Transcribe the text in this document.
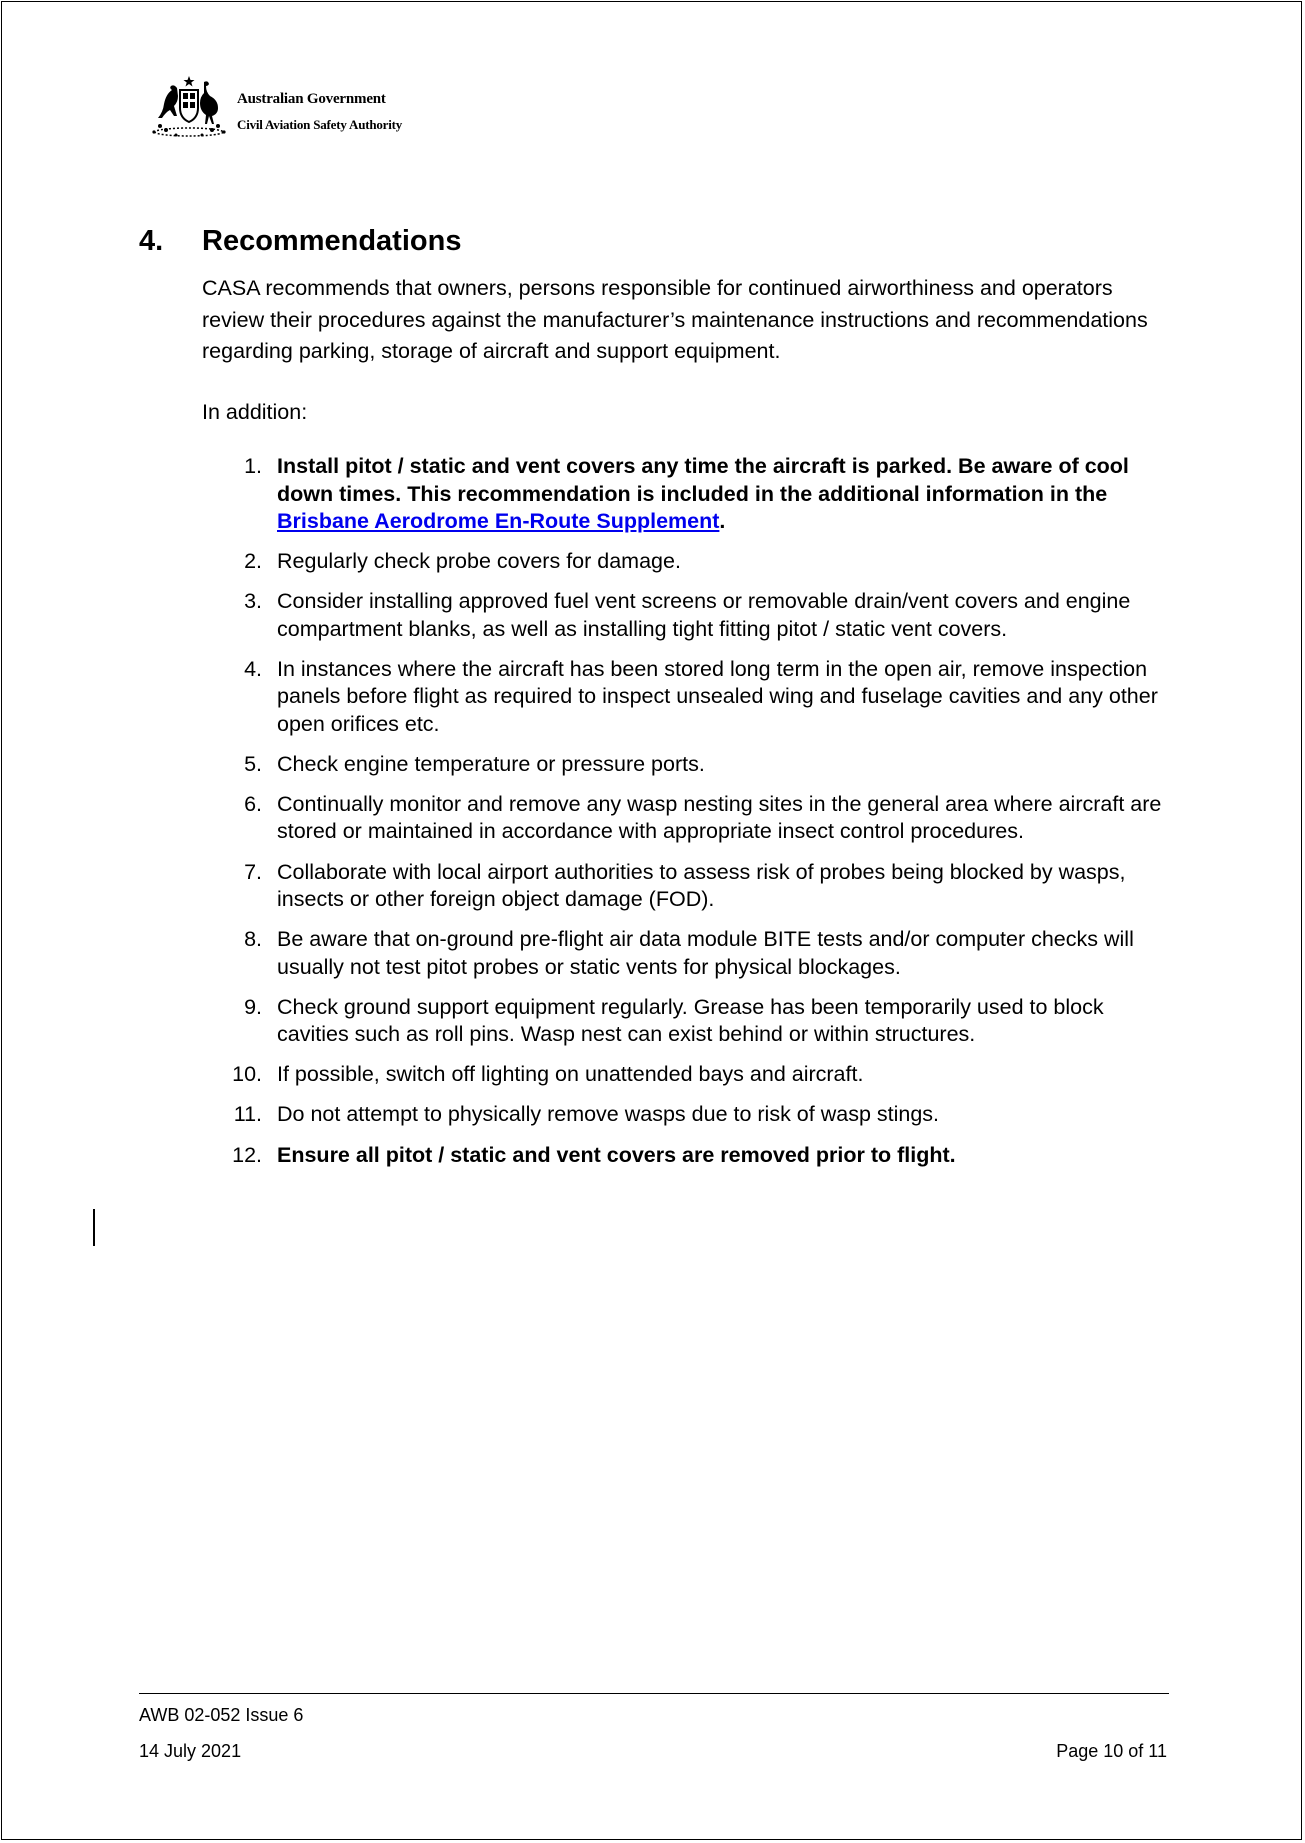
Australian Government
Civil Aviation Safety Authority
4. Recommendations
CASA recommends that owners, persons responsible for continued airworthiness and operators review their procedures against the manufacturer’s maintenance instructions and recommendations regarding parking, storage of aircraft and support equipment.
In addition:
1. Install pitot / static and vent covers any time the aircraft is parked. Be aware of cool down times. This recommendation is included in the additional information in the Brisbane Aerodrome En-Route Supplement.
2. Regularly check probe covers for damage.
3. Consider installing approved fuel vent screens or removable drain/vent covers and engine compartment blanks, as well as installing tight fitting pitot / static vent covers.
4. In instances where the aircraft has been stored long term in the open air, remove inspection panels before flight as required to inspect unsealed wing and fuselage cavities and any other open orifices etc.
5. Check engine temperature or pressure ports.
6. Continually monitor and remove any wasp nesting sites in the general area where aircraft are stored or maintained in accordance with appropriate insect control procedures.
7. Collaborate with local airport authorities to assess risk of probes being blocked by wasps, insects or other foreign object damage (FOD).
8. Be aware that on-ground pre-flight air data module BITE tests and/or computer checks will usually not test pitot probes or static vents for physical blockages.
9. Check ground support equipment regularly. Grease has been temporarily used to block cavities such as roll pins. Wasp nest can exist behind or within structures.
10. If possible, switch off lighting on unattended bays and aircraft.
11. Do not attempt to physically remove wasps due to risk of wasp stings.
12. Ensure all pitot / static and vent covers are removed prior to flight.
AWB 02-052 Issue 6
14 July 2021	Page 10 of 11
